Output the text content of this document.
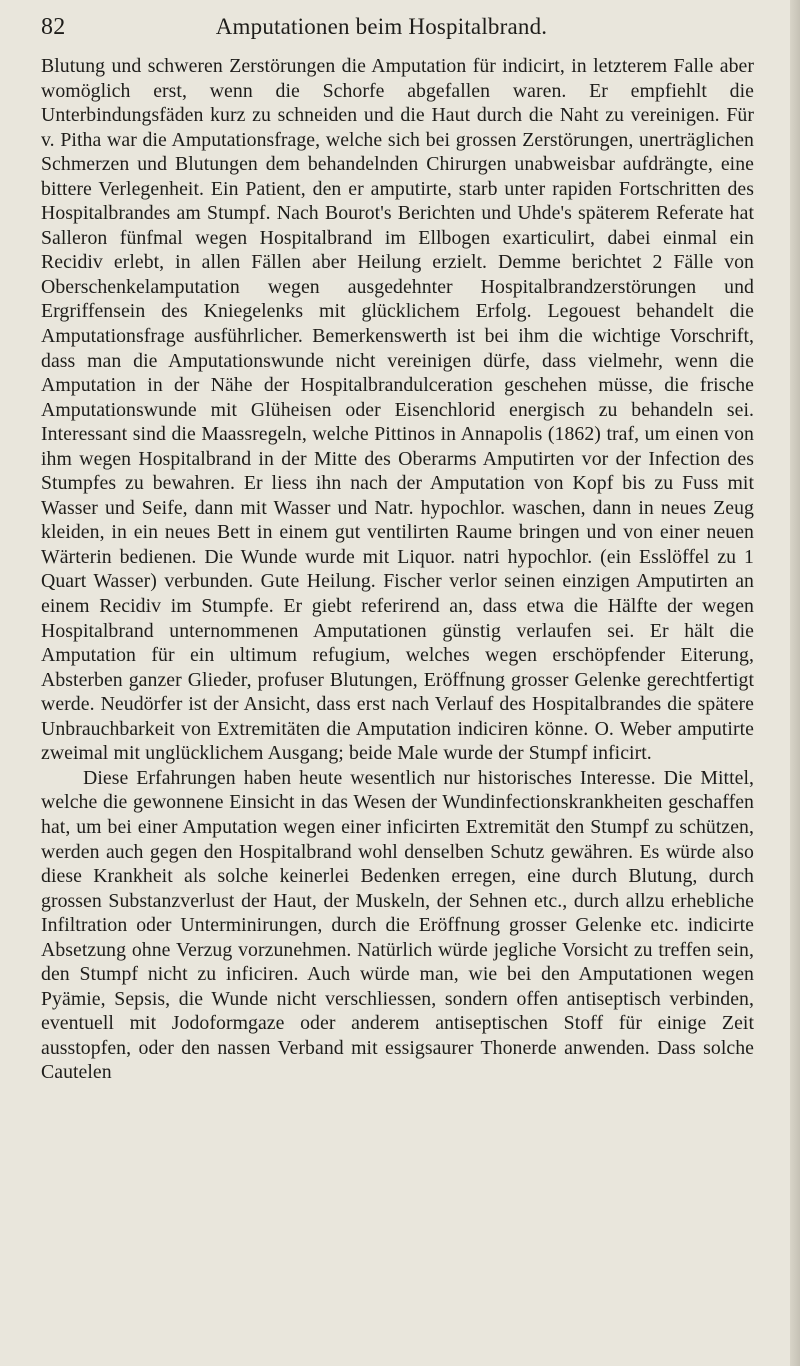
82	Amputationen beim Hospitalbrand.

Blutung und schweren Zerstörungen die Amputation für indicirt, in letzterem Falle aber womöglich erst, wenn die Schorfe abgefallen waren. Er empfiehlt die Unterbindungsfäden kurz zu schneiden und die Haut durch die Naht zu vereinigen. Für v. Pitha war die Amputationsfrage, welche sich bei grossen Zerstörungen, unerträglichen Schmerzen und Blutungen dem behandelnden Chirurgen unabweisbar aufdrängte, eine bittere Verlegenheit. Ein Patient, den er amputirte, starb unter rapiden Fortschritten des Hospitalbrandes am Stumpf. Nach Bourot's Berichten und Uhde's späterem Referate hat Salleron fünfmal wegen Hospitalbrand im Ellbogen exarticulirt, dabei einmal ein Recidiv erlebt, in allen Fällen aber Heilung erzielt. Demme berichtet 2 Fälle von Oberschenkelamputation wegen ausgedehnter Hospitalbrandzerstörungen und Ergriffensein des Kniegelenks mit glücklichem Erfolg. Legouest behandelt die Amputationsfrage ausführlicher. Bemerkenswerth ist bei ihm die wichtige Vorschrift, dass man die Amputationswunde nicht vereinigen dürfe, dass vielmehr, wenn die Amputation in der Nähe der Hospitalbrandulceration geschehen müsse, die frische Amputationswunde mit Glüheisen oder Eisenchlorid energisch zu behandeln sei. Interessant sind die Maassregeln, welche Pittinos in Annapolis (1862) traf, um einen von ihm wegen Hospitalbrand in der Mitte des Oberarms Amputirten vor der Infection des Stumpfes zu bewahren. Er liess ihn nach der Amputation von Kopf bis zu Fuss mit Wasser und Seife, dann mit Wasser und Natr. hypochlor. waschen, dann in neues Zeug kleiden, in ein neues Bett in einem gut ventilirten Raume bringen und von einer neuen Wärterin bedienen. Die Wunde wurde mit Liquor. natri hypochlor. (ein Esslöffel zu 1 Quart Wasser) verbunden. Gute Heilung. Fischer verlor seinen einzigen Amputirten an einem Recidiv im Stumpfe. Er giebt referirend an, dass etwa die Hälfte der wegen Hospitalbrand unternommenen Amputationen günstig verlaufen sei. Er hält die Amputation für ein ultimum refugium, welches wegen erschöpfender Eiterung, Absterben ganzer Glieder, profuser Blutungen, Eröffnung grosser Gelenke gerechtfertigt werde. Neudörfer ist der Ansicht, dass erst nach Verlauf des Hospitalbrandes die spätere Unbrauchbarkeit von Extremitäten die Amputation indiciren könne. O. Weber amputirte zweimal mit unglücklichem Ausgang; beide Male wurde der Stumpf inficirt.

Diese Erfahrungen haben heute wesentlich nur historisches Interesse. Die Mittel, welche die gewonnene Einsicht in das Wesen der Wundinfectionskrankheiten geschaffen hat, um bei einer Amputation wegen einer inficirten Extremität den Stumpf zu schützen, werden auch gegen den Hospitalbrand wohl denselben Schutz gewähren. Es würde also diese Krankheit als solche keinerlei Bedenken erregen, eine durch Blutung, durch grossen Substanzverlust der Haut, der Muskeln, der Sehnen etc., durch allzu erhebliche Infiltration oder Unterminirungen, durch die Eröffnung grosser Gelenke etc. indicirte Absetzung ohne Verzug vorzunehmen. Natürlich würde jegliche Vorsicht zu treffen sein, den Stumpf nicht zu inficiren. Auch würde man, wie bei den Amputationen wegen Pyämie, Sepsis, die Wunde nicht verschliessen, sondern offen antiseptisch verbinden, eventuell mit Jodoformgaze oder anderem antiseptischen Stoff für einige Zeit ausstopfen, oder den nassen Verband mit essigsaurer Thonerde anwenden. Dass solche Cautelen
